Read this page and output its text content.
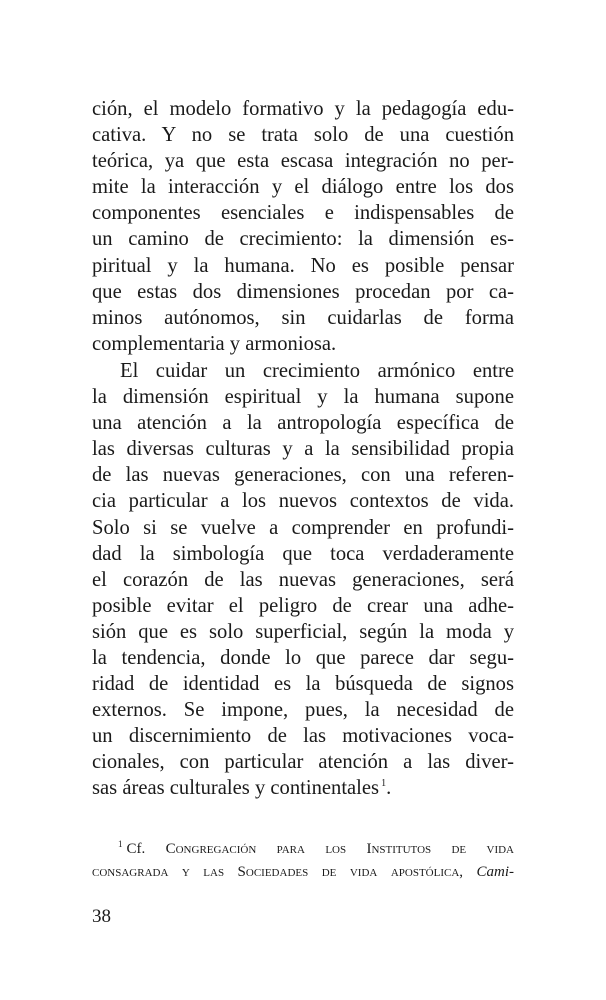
ción, el modelo formativo y la pedagogía edu-
cativa. Y no se trata solo de una cuestión
teórica, ya que esta escasa integración no per-
mite la interacción y el diálogo entre los dos
componentes esenciales e indispensables de
un camino de crecimiento: la dimensión es-
piritual y la humana. No es posible pensar
que estas dos dimensiones procedan por ca-
minos autónomos, sin cuidarlas de forma
complementaria y armoniosa.

El cuidar un crecimiento armónico entre
la dimensión espiritual y la humana supone
una atención a la antropología específica de
las diversas culturas y a la sensibilidad propia
de las nuevas generaciones, con una referen-
cia particular a los nuevos contextos de vida.
Solo si se vuelve a comprender en profundi-
dad la simbología que toca verdaderamente
el corazón de las nuevas generaciones, será
posible evitar el peligro de crear una adhe-
sión que es solo superficial, según la moda y
la tendencia, donde lo que parece dar segu-
ridad de identidad es la búsqueda de signos
externos. Se impone, pues, la necesidad de
un discernimiento de las motivaciones voca-
cionales, con particular atención a las diver-
sas áreas culturales y continentales $^1$.

$^1$ Cf. Congregación para los Institutos de vida
consagrada y las Sociedades de vida apostólica, Cami-
38
